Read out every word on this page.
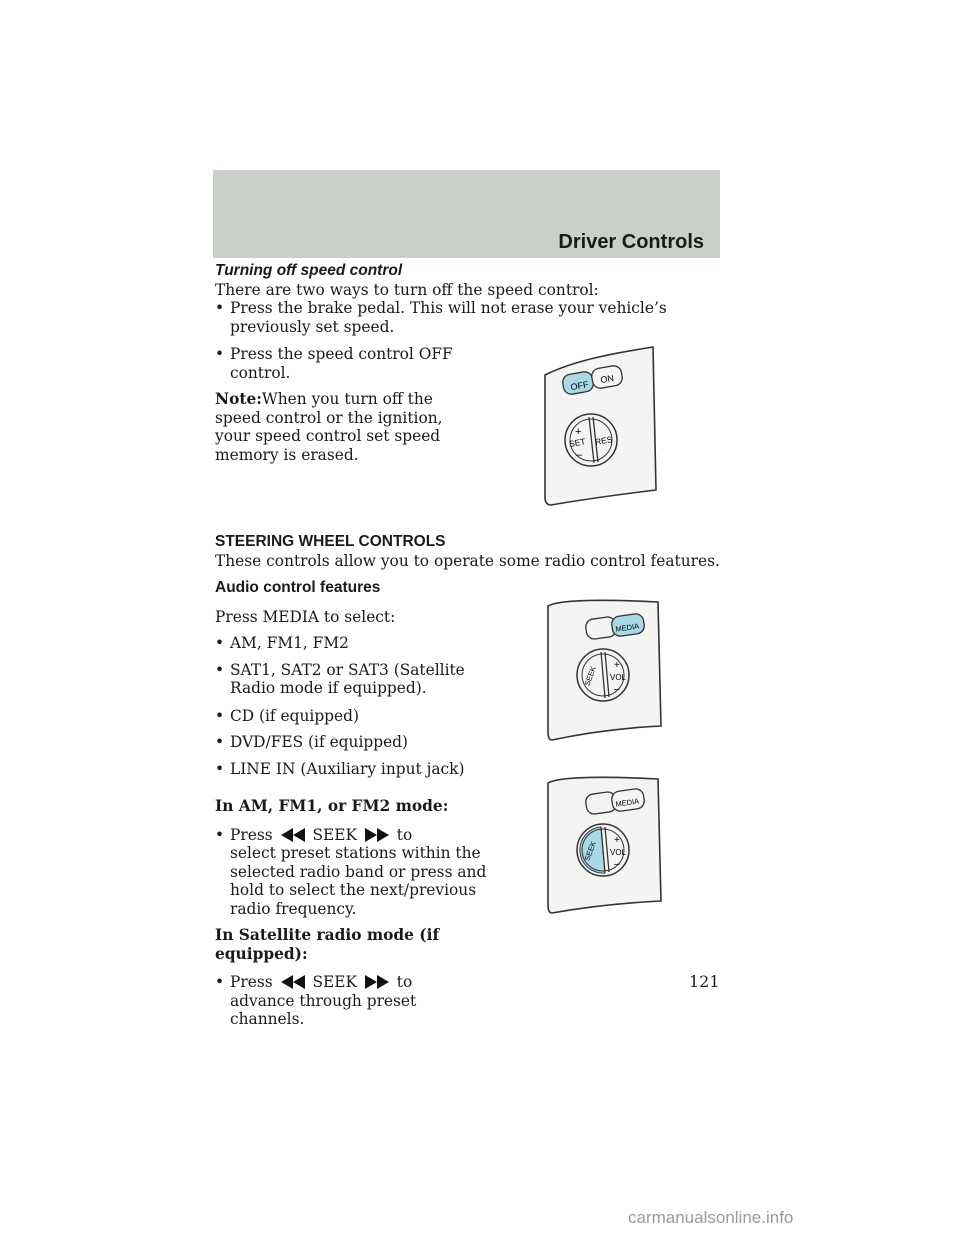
Driver Controls

Turning off speed control

There are two ways to turn off the speed control:

• Press the brake pedal. This will not erase your vehicle’s previously set speed.
• Press the speed control OFF control.

Note:When you turn off the speed control or the ignition, your speed control set speed memory is erased.

STEERING WHEEL CONTROLS

These controls allow you to operate some radio control features.

Audio control features

Press MEDIA to select:

• AM, FM1, FM2
• SAT1, SAT2 or SAT3 (Satellite Radio mode if equipped).
• CD (if equipped)
• DVD/FES (if equipped)
• LINE IN (Auxiliary input jack)

In AM, FM1, or FM2 mode:

• Press	SEEK	to
select preset stations within the selected radio band or press and hold to select the next/previous radio frequency.

In Satellite radio mode (if equipped):

• Press	SEEK	to
advance through preset channels.
OFF
ON
+
SET
–
RES
MEDIA
SEEK VOL
+
–
MEDIA
SEEK VOL
+
–
121
carmanualsonline.info
